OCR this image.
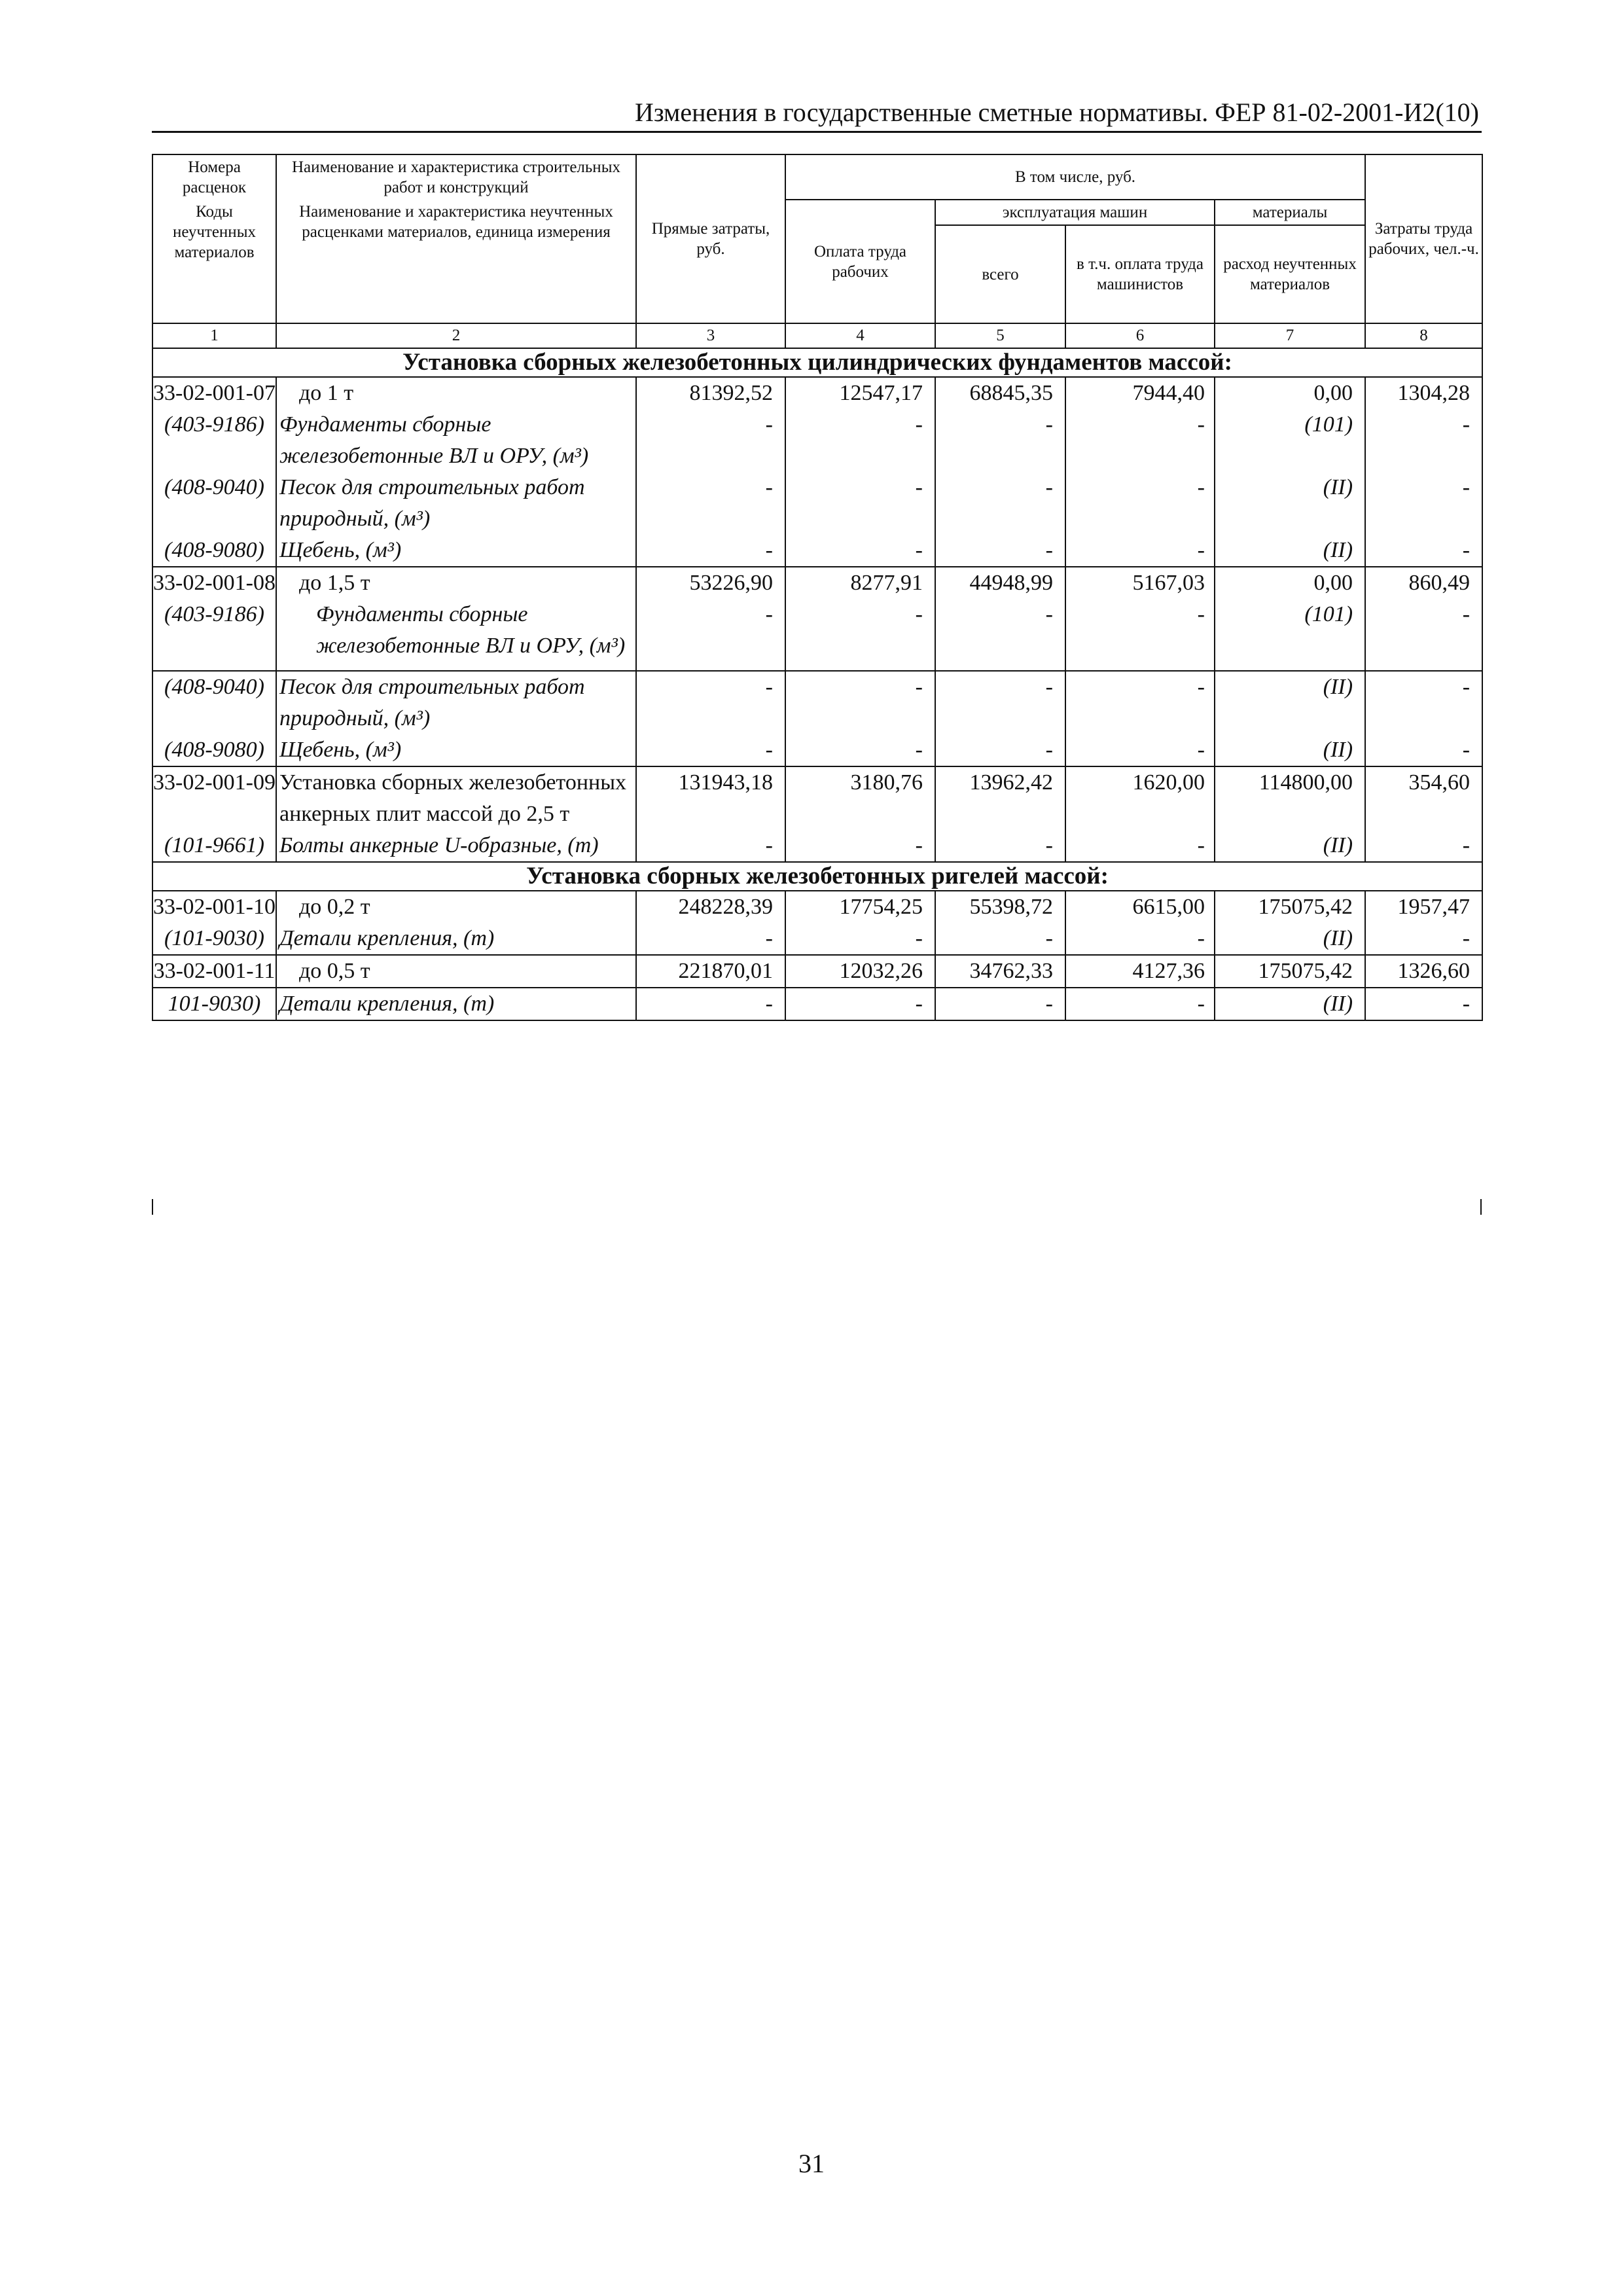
Изменения в государственные сметные нормативы. ФЕР 81-02-2001-И2(10)
Номера расценок	Наименование и характеристика строительных работ и конструкций	Прямые затраты, руб.	В том числе, руб.				Затраты труда рабочих, чел.-ч.
Коды неучтенных материалов	Наименование и характеристика неучтенных расценками материалов, единица измерения		Оплата труда рабочих	эксплуатация машин		материалы	
				всего	в т.ч. оплата труда машинистов	расход неучтенных материалов	
1	2	3	4	5	6	7	8
Установка сборных железобетонных цилиндрических фундаментов массой:							
33-02-001-07	до 1 т	81392,52	12547,17	68845,35	7944,40	0,00	1304,28
(403-9186)	Фундаменты сборные железобетонные ВЛ и ОРУ, (м³)	-	-	-	-	(101)	-
(408-9040)	Песок для строительных работ природный, (м³)	-	-	-	-	(II)	-
(408-9080)	Щебень, (м³)	-	-	-	-	(II)	-
33-02-001-08	до 1,5 т	53226,90	8277,91	44948,99	5167,03	0,00	860,49
(403-9186)	Фундаменты сборные железобетонные ВЛ и ОРУ, (м³)	-	-	-	-	(101)	-
(408-9040)	Песок для строительных работ природный, (м³)	-	-	-	-	(II)	-
(408-9080)	Щебень, (м³)	-	-	-	-	(II)	-
33-02-001-09	Установка сборных железобетонных анкерных плит массой до 2,5 т	131943,18	3180,76	13962,42	1620,00	114800,00	354,60
(101-9661)	Болты анкерные U-образные, (т)	-	-	-	-	(II)	-
Установка сборных железобетонных ригелей массой:							
33-02-001-10	до 0,2 т	248228,39	17754,25	55398,72	6615,00	175075,42	1957,47
(101-9030)	Детали крепления, (т)	-	-	-	-	(II)	-
33-02-001-11	до 0,5 т	221870,01	12032,26	34762,33	4127,36	175075,42	1326,60
101-9030)	Детали крепления, (т)	-	-	-	-	(II)	-
31
